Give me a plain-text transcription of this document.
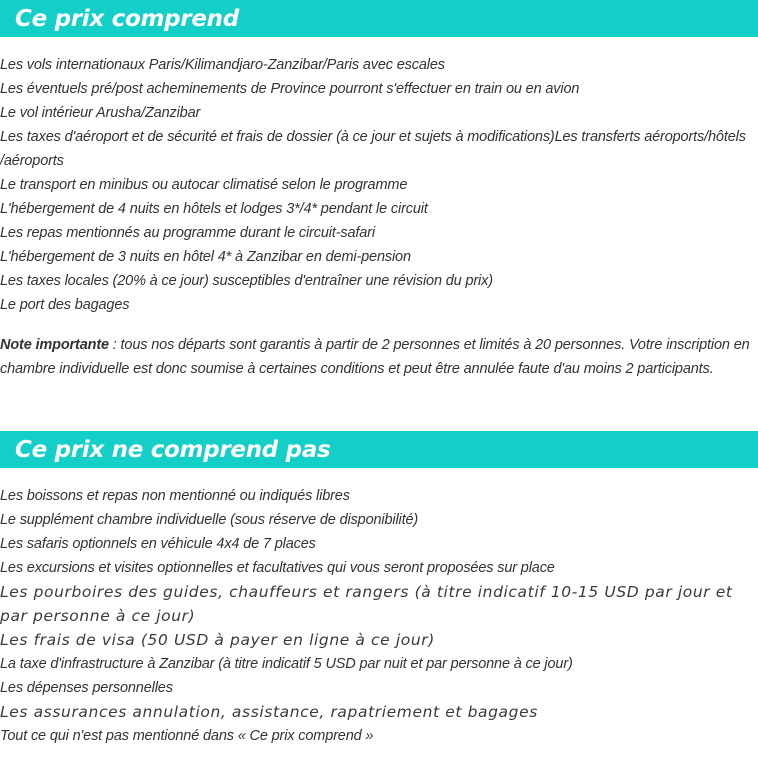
Ce prix comprend
Les vols internationaux Paris/Kilimandjaro-Zanzibar/Paris avec escales
Les éventuels pré/post acheminements de Province pourront s'effectuer en train ou en avion
Le vol intérieur Arusha/Zanzibar
Les taxes d'aéroport et de sécurité et frais de dossier (à ce jour et sujets à modifications)Les transferts aéroports/hôtels /aéroports
Le transport en minibus ou autocar climatisé selon le programme
L'hébergement de 4 nuits en hôtels et lodges 3*/4* pendant le circuit
Les repas mentionnés au programme durant le circuit-safari
L'hébergement de 3 nuits en hôtel 4* à Zanzibar en demi-pension
Les taxes locales (20% à ce jour) susceptibles d'entraîner une révision du prix)
Le port des bagages
Note importante : tous nos départs sont garantis à partir de 2 personnes et limités à 20 personnes. Votre inscription en chambre individuelle est donc soumise à certaines conditions et peut être annulée faute d'au moins 2 participants.
Ce prix ne comprend pas
Les boissons et repas non mentionné ou indiqués libres
Le supplément chambre individuelle (sous réserve de disponibilité)
Les safaris optionnels en véhicule 4x4 de 7 places
Les excursions et visites optionnelles et facultatives qui vous seront proposées sur place
Les pourboires des guides, chauffeurs et rangers (à titre indicatif 10-15 USD par jour et par personne à ce jour)
Les frais de visa (50 USD à payer en ligne à ce jour)
La taxe d'infrastructure à Zanzibar (à titre indicatif 5 USD par nuit et par personne à ce jour)
Les dépenses personnelles
Les assurances annulation, assistance, rapatriement et bagages
Tout ce qui n'est pas mentionné dans « Ce prix comprend »
